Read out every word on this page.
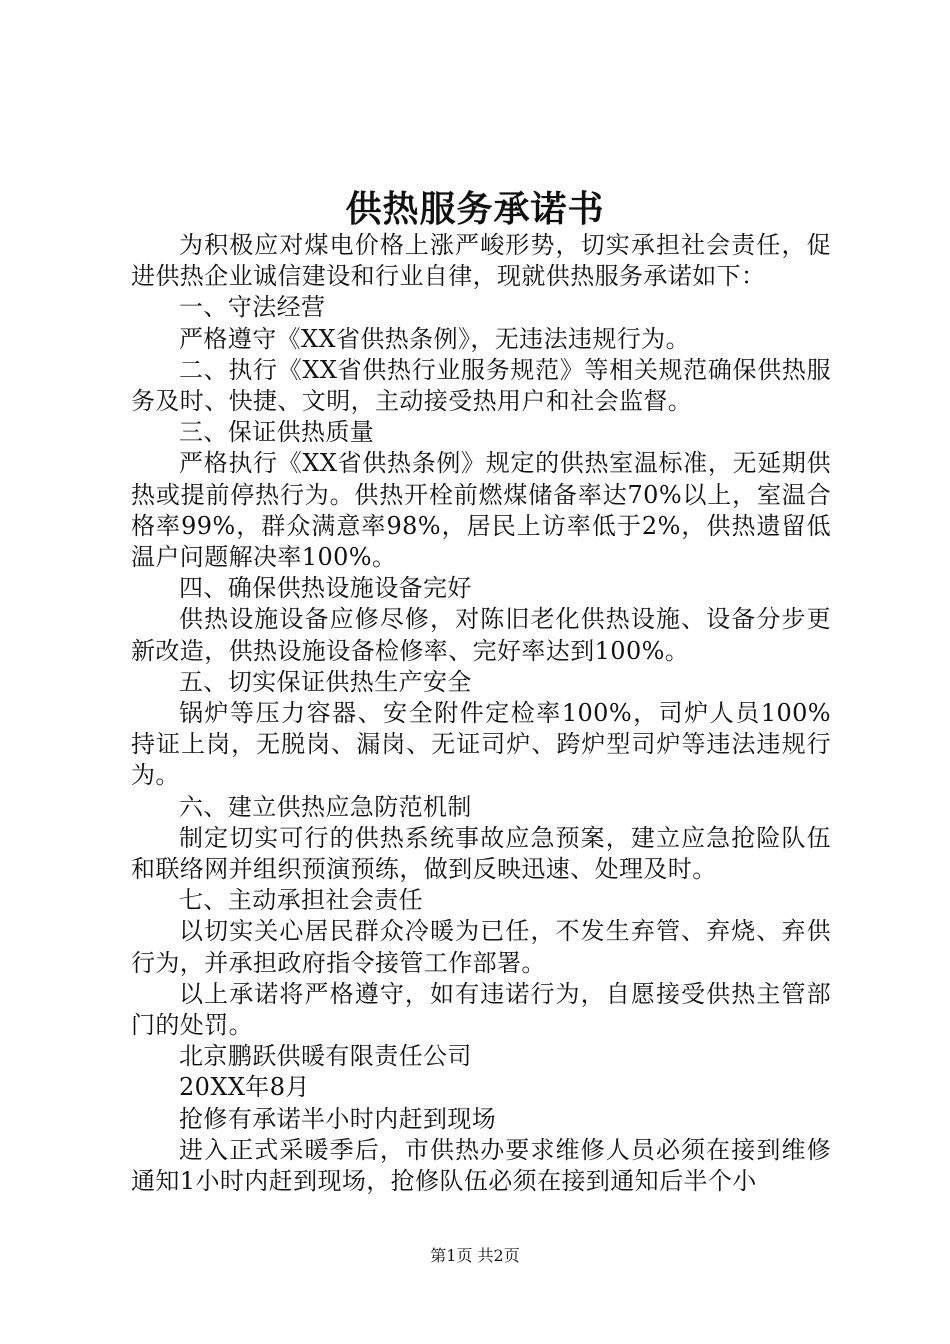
供热服务承诺书

为积极应对煤电价格上涨严峻形势，切实承担社会责任，促进供热企业诚信建设和行业自律，现就供热服务承诺如下：

一、守法经营

严格遵守《XX省供热条例》，无违法违规行为。

二、执行《XX省供热行业服务规范》等相关规范确保供热服务及时、快捷、文明，主动接受热用户和社会监督。

三、保证供热质量

严格执行《XX省供热条例》规定的供热室温标准，无延期供热或提前停热行为。供热开栓前燃煤储备率达70%以上，室温合格率99%，群众满意率98%，居民上访率低于2%，供热遗留低温户问题解决率100%。

四、确保供热设施设备完好

供热设施设备应修尽修，对陈旧老化供热设施、设备分步更新改造，供热设施设备检修率、完好率达到100%。

五、切实保证供热生产安全

锅炉等压力容器、安全附件定检率100%，司炉人员100%持证上岗，无脱岗、漏岗、无证司炉、跨炉型司炉等违法违规行为。

六、建立供热应急防范机制

制定切实可行的供热系统事故应急预案，建立应急抢险队伍和联络网并组织预演预练，做到反映迅速、处理及时。

七、主动承担社会责任

以切实关心居民群众冷暖为已任，不发生弃管、弃烧、弃供行为，并承担政府指令接管工作部署。

以上承诺将严格遵守，如有违诺行为，自愿接受供热主管部门的处罚。

北京鹏跃供暖有限责任公司

20XX年8月

抢修有承诺半小时内赶到现场

进入正式采暖季后，市供热办要求维修人员必须在接到维修通知1小时内赶到现场，抢修队伍必须在接到通知后半个小

第1页 共2页
